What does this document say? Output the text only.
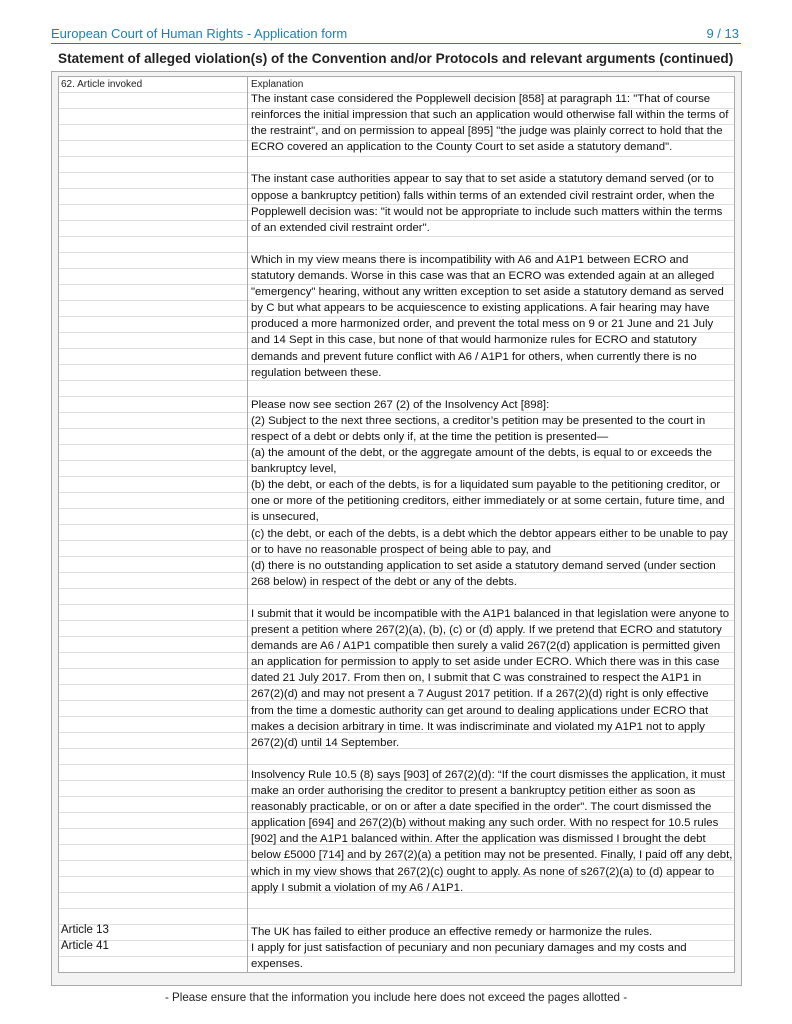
European Court of Human Rights - Application form	9 / 13
Statement of alleged violation(s) of the Convention and/or Protocols and relevant arguments (continued)
62. Article invoked
Article 13
Article 41
Explanation

The instant case considered the Popplewell decision [858] at paragraph 11: "That of course reinforces the initial impression that such an application would otherwise fall within the terms of the restraint", and on permission to appeal [895] "the judge was plainly correct to hold that the ECRO covered an application to the County Court to set aside a statutory demand".

The instant case authorities appear to say that to set aside a statutory demand served (or to oppose a bankruptcy petition) falls within terms of an extended civil restraint order, when the Popplewell decision was: "it would not be appropriate to include such matters within the terms of an extended civil restraint order".

Which in my view means there is incompatibility with A6 and A1P1 between ECRO and statutory demands. Worse in this case was that an ECRO was extended again at an alleged "emergency" hearing, without any written exception to set aside a statutory demand as served by C but what appears to be acquiescence to existing applications. A fair hearing may have produced a more harmonized order, and prevent the total mess on 9 or 21 June and 21 July and 14 Sept in this case, but none of that would harmonize rules for ECRO and statutory demands and prevent future conflict with A6 / A1P1 for others, when currently there is no regulation between these.

Please now see section 267 (2) of the Insolvency Act [898]:
(2) Subject to the next three sections, a creditor’s petition may be presented to the court in respect of a debt or debts only if, at the time the petition is presented—
(a) the amount of the debt, or the aggregate amount of the debts, is equal to or exceeds the bankruptcy level,
(b) the debt, or each of the debts, is for a liquidated sum payable to the petitioning creditor, or one or more of the petitioning creditors, either immediately or at some certain, future time, and is unsecured,
(c) the debt, or each of the debts, is a debt which the debtor appears either to be unable to pay or to have no reasonable prospect of being able to pay, and
(d) there is no outstanding application to set aside a statutory demand served (under section 268 below) in respect of the debt or any of the debts.

I submit that it would be incompatible with the A1P1 balanced in that legislation were anyone to present a petition where 267(2)(a), (b), (c) or (d) apply. If we pretend that ECRO and statutory demands are A6 / A1P1 compatible then surely a valid 267(2(d) application is permitted given an application for permission to apply to set aside under ECRO. Which there was in this case dated 21 July 2017. From then on, I submit that C was constrained to respect the A1P1 in 267(2)(d) and may not present a 7 August 2017 petition. If a 267(2)(d) right is only effective from the time a domestic authority can get around to dealing applications under ECRO that makes a decision arbitrary in time. It was indiscriminate and violated my A1P1 not to apply 267(2)(d) until 14 September.

Insolvency Rule 10.5 (8) says [903] of 267(2)(d): “If the court dismisses the application, it must make an order authorising the creditor to present a bankruptcy petition either as soon as reasonably practicable, or on or after a date specified in the order". The court dismissed the application [694] and 267(2)(b) without making any such order. With no respect for 10.5 rules [902] and the A1P1 balanced within. After the application was dismissed I brought the debt below £5000 [714] and by 267(2)(a) a petition may not be presented. Finally, I paid off any debt, which in my view shows that 267(2)(c) ought to apply. As none of s267(2)(a) to (d) appear to apply I submit a violation of my A6 / A1P1.

The UK has failed to either produce an effective remedy or harmonize the rules.
I apply for just satisfaction of pecuniary and non pecuniary damages and my costs and expenses.
- Please ensure that the information you include here does not exceed the pages allotted -
